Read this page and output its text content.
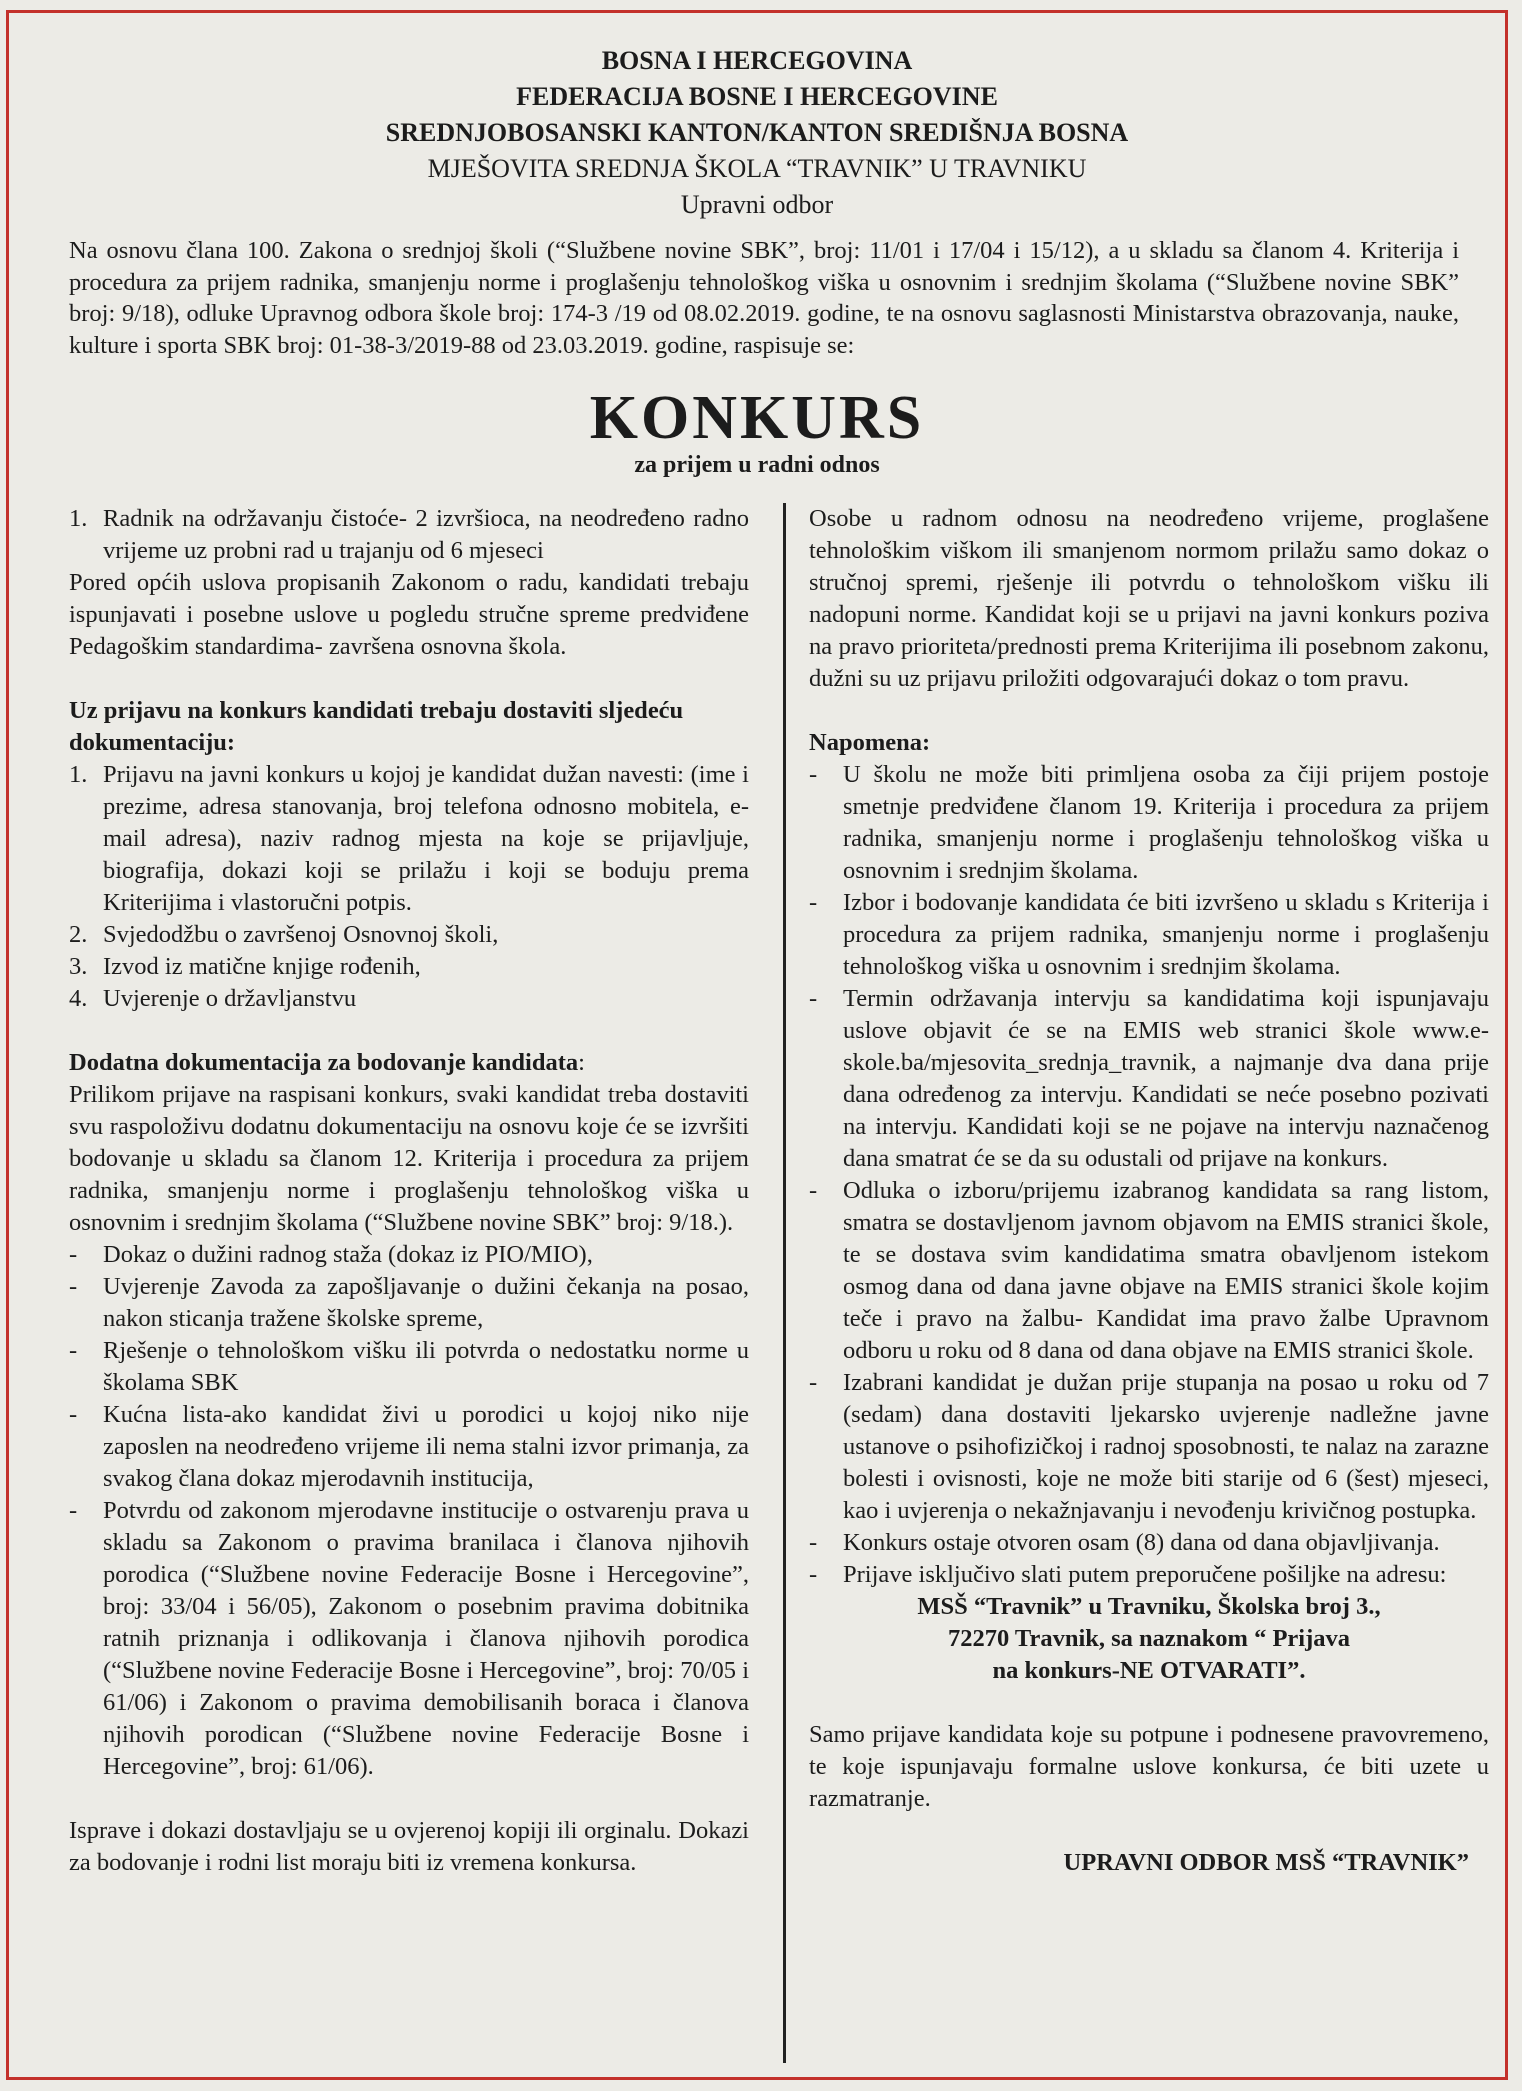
BOSNA I HERCEGOVINA
FEDERACIJA BOSNE I HERCEGOVINE
SREDNJOBOSANSKI KANTON/KANTON SREDIŠNJA BOSNA
MJEŠOVITA SREDNJA ŠKOLA “TRAVNIK” U TRAVNIKU
Upravni odbor

Na osnovu člana 100. Zakona o srednjoj školi (“Službene novine SBK”, broj: 11/01 i 17/04 i 15/12), a u skladu sa članom 4. Kriterija i procedura za prijem radnika, smanjenju norme i proglašenju tehnološkog viška u osnovnim i srednjim školama (“Službene novine SBK” broj: 9/18), odluke Upravnog odbora škole broj: 174-3 /19 od 08.02.2019. godine, te na osnovu saglasnosti Ministarstva obrazovanja, nauke, kulture i sporta SBK broj: 01-38-3/2019-88 od 23.03.2019. godine, raspisuje se:

KONKURS
za prijem u radni odnos
1. Radnik na održavanju čistoće- 2 izvršioca, na neodređeno radno vrijeme uz probni rad u trajanju od 6 mjeseci

Pored općih uslova propisanih Zakonom o radu, kandidati trebaju ispunjavati i posebne uslove u pogledu stručne spreme predviđene Pedagoškim standardima- završena osnovna škola.

Uz prijavu na konkurs kandidati trebaju dostaviti sljedeću dokumentaciju:

1. Prijavu na javni konkurs u kojoj je kandidat dužan navesti: (ime i prezime, adresa stanovanja, broj telefona odnosno mobitela, e-mail adresa), naziv radnog mjesta na koje se prijavljuje, biografija, dokazi koji se prilažu i koji se boduju prema Kriterijima i vlastoručni potpis.
2. Svjedodžbu o završenoj Osnovnoj školi,
3. Izvod iz matične knjige rođenih,
4. Uvjerenje o državljanstvu

Dodatna dokumentacija za bodovanje kandidata:

Prilikom prijave na raspisani konkurs, svaki kandidat treba dostaviti svu raspoloživu dodatnu dokumentaciju na osnovu koje će se izvršiti bodovanje u skladu sa članom 12. Kriterija i procedura za prijem radnika, smanjenju norme i proglašenju tehnološkog viška u osnovnim i srednjim školama (“Službene novine SBK” broj: 9/18.).

-	Dokaz o dužini radnog staža (dokaz iz PIO/MIO),
-	Uvjerenje Zavoda za zapošljavanje o dužini čekanja na posao, nakon sticanja tražene školske spreme,
-	Rješenje o tehnološkom višku ili potvrda o nedostatku norme u školama SBK
-	Kućna lista-ako kandidat živi u porodici u kojoj niko nije zaposlen na neodređeno vrijeme ili nema stalni izvor primanja, za svakog člana dokaz mjerodavnih institucija,
-	Potvrdu od zakonom mjerodavne institucije o ostvarenju prava u skladu sa Zakonom o pravima branilaca i članova njihovih porodica (“Službene novine Federacije Bosne i Hercegovine”, broj: 33/04 i 56/05), Zakonom o posebnim pravima dobitnika ratnih priznanja i odlikovanja i članova njihovih porodica (“Službene novine Federacije Bosne i Hercegovine”, broj: 70/05 i 61/06) i Zakonom o pravima demobilisanih boraca i članova njihovih porodican (“Službene novine Federacije Bosne i Hercegovine”, broj: 61/06).

Isprave i dokazi dostavljaju se u ovjerenoj kopiji ili orginalu. Dokazi za bodovanje i rodni list moraju biti iz vremena konkursa.

Osobe u radnom odnosu na neodređeno vrijeme, proglašene tehnološkim viškom ili smanjenom normom prilažu samo dokaz o stručnoj spremi, rješenje ili potvrdu o tehnološkom višku ili nadopuni norme. Kandidat koji se u prijavi na javni konkurs poziva na pravo prioriteta/prednosti prema Kriterijima ili posebnom zakonu, dužni su uz prijavu priložiti odgovarajući dokaz o tom pravu.

Napomena:

-	U školu ne može biti primljena osoba za čiji prijem postoje smetnje predviđene članom 19. Kriterija i procedura za prijem radnika, smanjenju norme i proglašenju tehnološkog viška u osnovnim i srednjim školama.
-	Izbor i bodovanje kandidata će biti izvršeno u skladu s Kriterija i procedura za prijem radnika, smanjenju norme i proglašenju tehnološkog viška u osnovnim i srednjim školama.
-	Termin održavanja intervju sa kandidatima koji ispunjavaju uslove objavit će se na EMIS web stranici škole www.e-skole.ba/mjesovita_srednja_travnik, a najmanje dva dana prije dana određenog za intervju. Kandidati se neće posebno pozivati na intervju. Kandidati koji se ne pojave na intervju naznačenog dana smatrat će se da su odustali od prijave na konkurs.
-	Odluka o izboru/prijemu izabranog kandidata sa rang listom, smatra se dostavljenom javnom objavom na EMIS stranici škole, te se dostava svim kandidatima smatra obavljenom istekom osmog dana od dana javne objave na EMIS stranici škole kojim teče i pravo na žalbu- Kandidat ima pravo žalbe Upravnom odboru u roku od 8 dana od dana objave na EMIS stranici škole.
-	Izabrani kandidat je dužan prije stupanja na posao u roku od 7 (sedam) dana dostaviti ljekarsko uvjerenje nadležne javne ustanove o psihofizičkoj i radnoj sposobnosti, te nalaz na zarazne bolesti i ovisnosti, koje ne može biti starije od 6 (šest) mjeseci, kao i uvjerenja o nekažnjavanju i nevođenju krivičnog postupka.
-	Konkurs ostaje otvoren osam (8) dana od dana objavljivanja.
-	Prijave isključivo slati putem preporučene pošiljke na adresu:

MSŠ “Travnik” u Travniku, Školska broj 3.,

72270 Travnik, sa naznakom “ Prijava

na konkurs-NE OTVARATI”.

Samo prijave kandidata koje su potpune i podnesene pravovremeno, te koje ispunjavaju formalne uslove konkursa, će biti uzete u razmatranje.

UPRAVNI ODBOR MSŠ “TRAVNIK”
